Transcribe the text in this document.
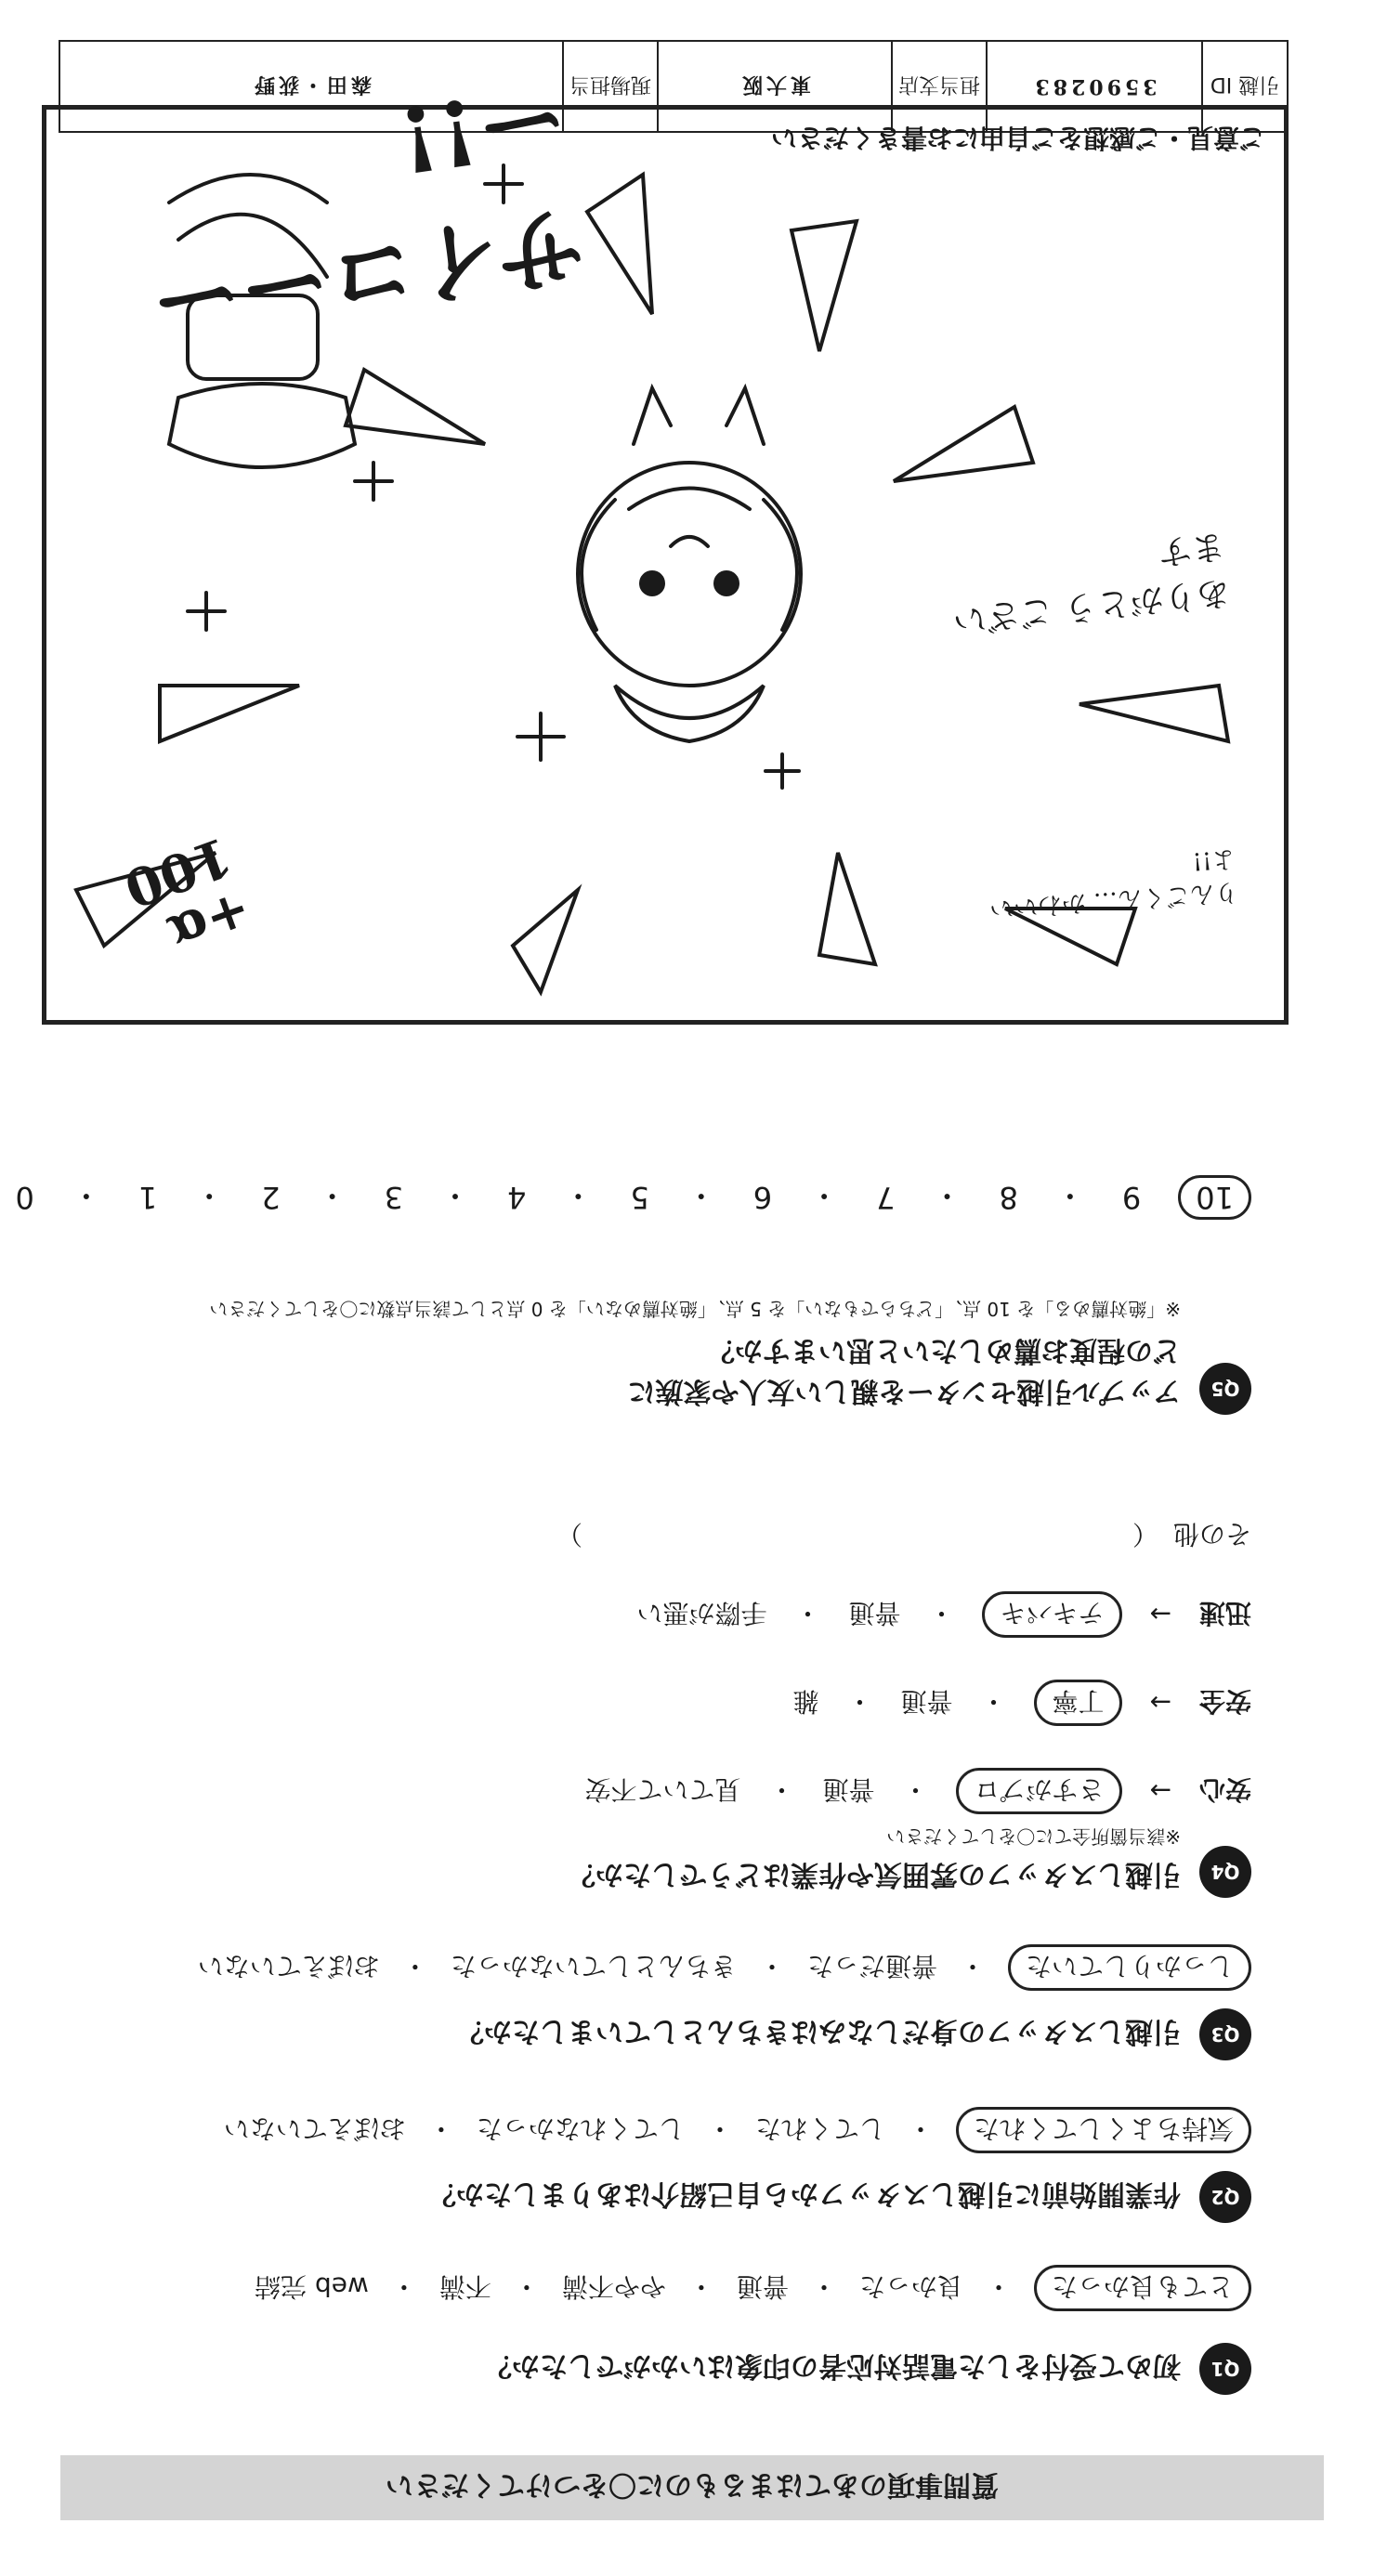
引越 ID
3590283
担当支店
東大阪
現場担当
森田・荻野
サイコーーー!!
ありがとう ございます
りんごくん… かわいいよ!!
+α 100
ご意見・ご感想をご自由にお書きください
10
9
・
8
・
7
・
6
・
5
・
4
・
3
・
2
・
1
・
0
Q5
アップル引越センターを親しい友人や家族に
どの程度お薦めしたいと思いますか？
※「絶対薦める」を 10 点、「どちらでもない」を 5 点、「絶対薦めない」を 0 点として該当点数に〇をしてください
その他
（
）
迅速
→
テキパキ
・
普通
・
手際が悪い
安全
→
丁寧
・
普通
・
雑
安心
→
さすがプロ
・
普通
・
見ていて不安
Q4
引越しスタッフの雰囲気や作業はどうでしたか？
※該当箇所全てに〇をしてください
しっかりしていた
・
普通だった
・
きちんとしていなかった
・
おぼえていない
Q3
引越しスタッフの身だしなみはきちんとしていましたか？
気持ちよくしてくれた
・
してくれた
・
してくれなかった
・
おぼえていない
Q2
作業開始前に引越しスタッフから自己紹介はありましたか？
とても良かった
・
良かった
・
普通
・
やや不満
・
不満
・
web 完結
Q1
初めて受付をした電話対応者の印象はいかがでしたか？
質問事項のあてはまるものに〇をつけてください
